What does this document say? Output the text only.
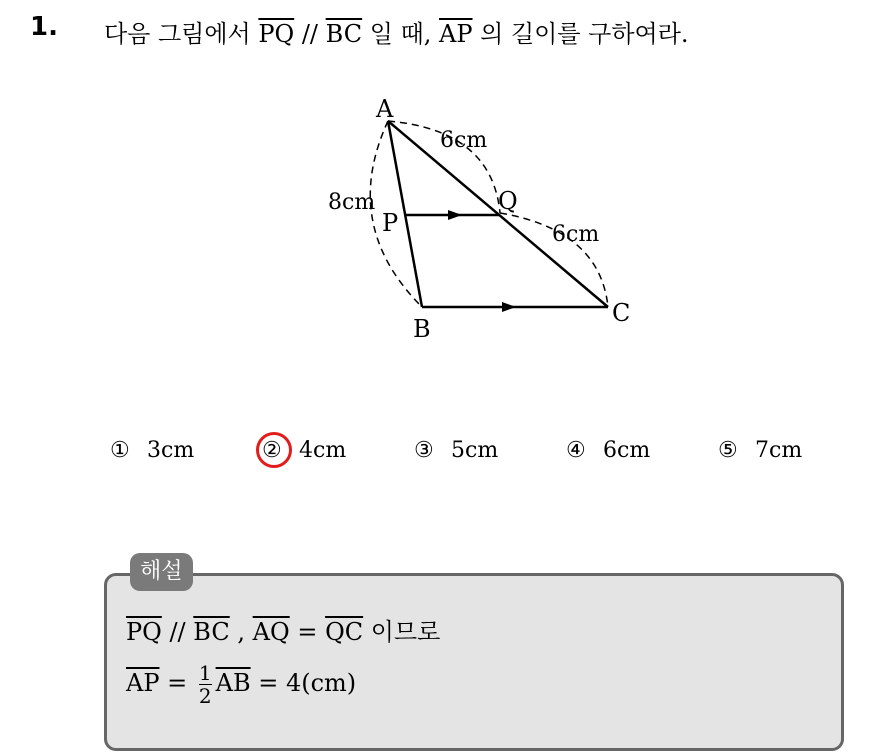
1. 다음 그림에서 $\overline{PQ} // \overline{BC}$ 일 때, $\overline{AP}$ 의 길이를 구하여라.
A
B
C
P
Q
8cm
6cm
6cm
① 3cm	② 4cm	③ 5cm	④ 6cm	⑤ 7cm
해설
$\overline{PQ} // \overline{BC}$ , $\overline{AQ} = \overline{QC}$ 이므로
$\overline{AP} = \frac{1}{2} \overline{AB} = 4(cm)$
